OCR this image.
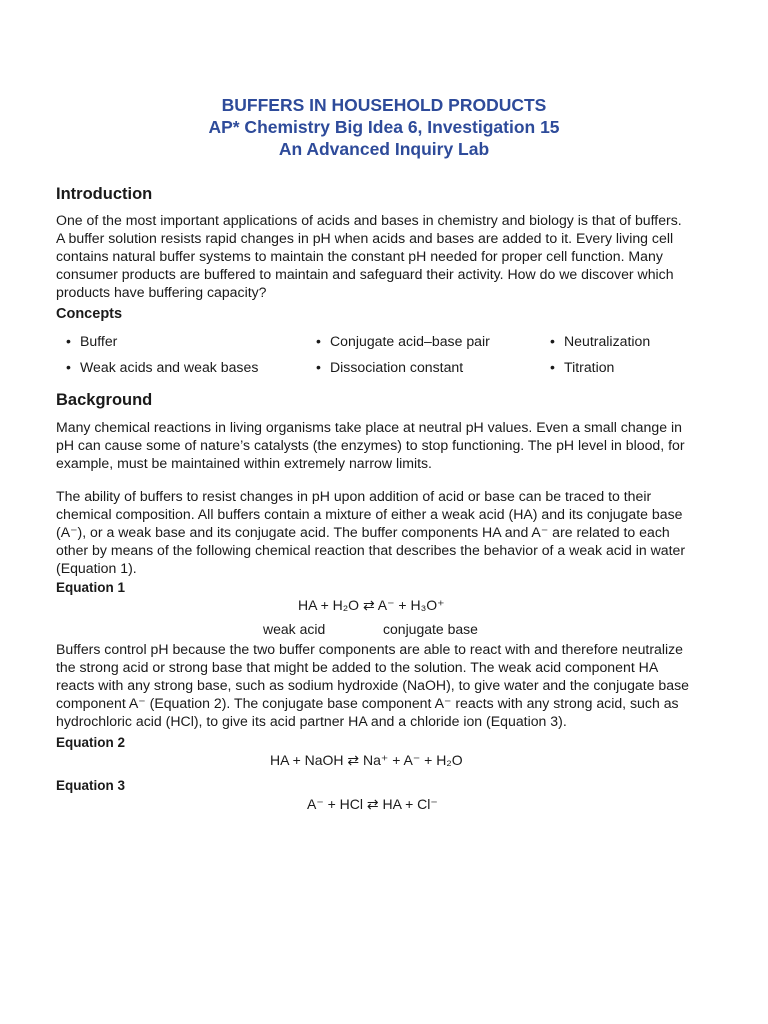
BUFFERS IN HOUSEHOLD PRODUCTS
AP* Chemistry Big Idea 6, Investigation 15
An Advanced Inquiry Lab
Introduction
One of the most important applications of acids and bases in chemistry and biology is that of buffers.
A buffer solution resists rapid changes in pH when acids and bases are added to it. Every living cell
contains natural buffer systems to maintain the constant pH needed for proper cell function. Many
consumer products are buffered to maintain and safeguard their activity. How do we discover which
products have buffering capacity?
Concepts
• Buffer	• Conjugate acid–base pair	• Neutralization
• Weak acids and weak bases	• Dissociation constant	• Titration
Background
Many chemical reactions in living organisms take place at neutral pH values. Even a small change in
pH can cause some of nature’s catalysts (the enzymes) to stop functioning. The pH level in blood, for
example, must be maintained within extremely narrow limits.
The ability of buffers to resist changes in pH upon addition of acid or base can be traced to their
chemical composition. All buffers contain a mixture of either a weak acid (HA) and its conjugate base
(A⁻), or a weak base and its conjugate acid. The buffer components HA and A⁻ are related to each
other by means of the following chemical reaction that describes the behavior of a weak acid in water
(Equation 1).
Equation 1
HA + H₂O ⇄ A⁻ + H₃O⁺
weak acid	conjugate base
Buffers control pH because the two buffer components are able to react with and therefore neutralize
the strong acid or strong base that might be added to the solution. The weak acid component HA
reacts with any strong base, such as sodium hydroxide (NaOH), to give water and the conjugate base
component A⁻ (Equation 2). The conjugate base component A⁻ reacts with any strong acid, such as
hydrochloric acid (HCl), to give its acid partner HA and a chloride ion (Equation 3).
Equation 2
HA + NaOH ⇄ Na⁺ + A⁻ + H₂O
Equation 3
A⁻ + HCl ⇄ HA + Cl⁻
